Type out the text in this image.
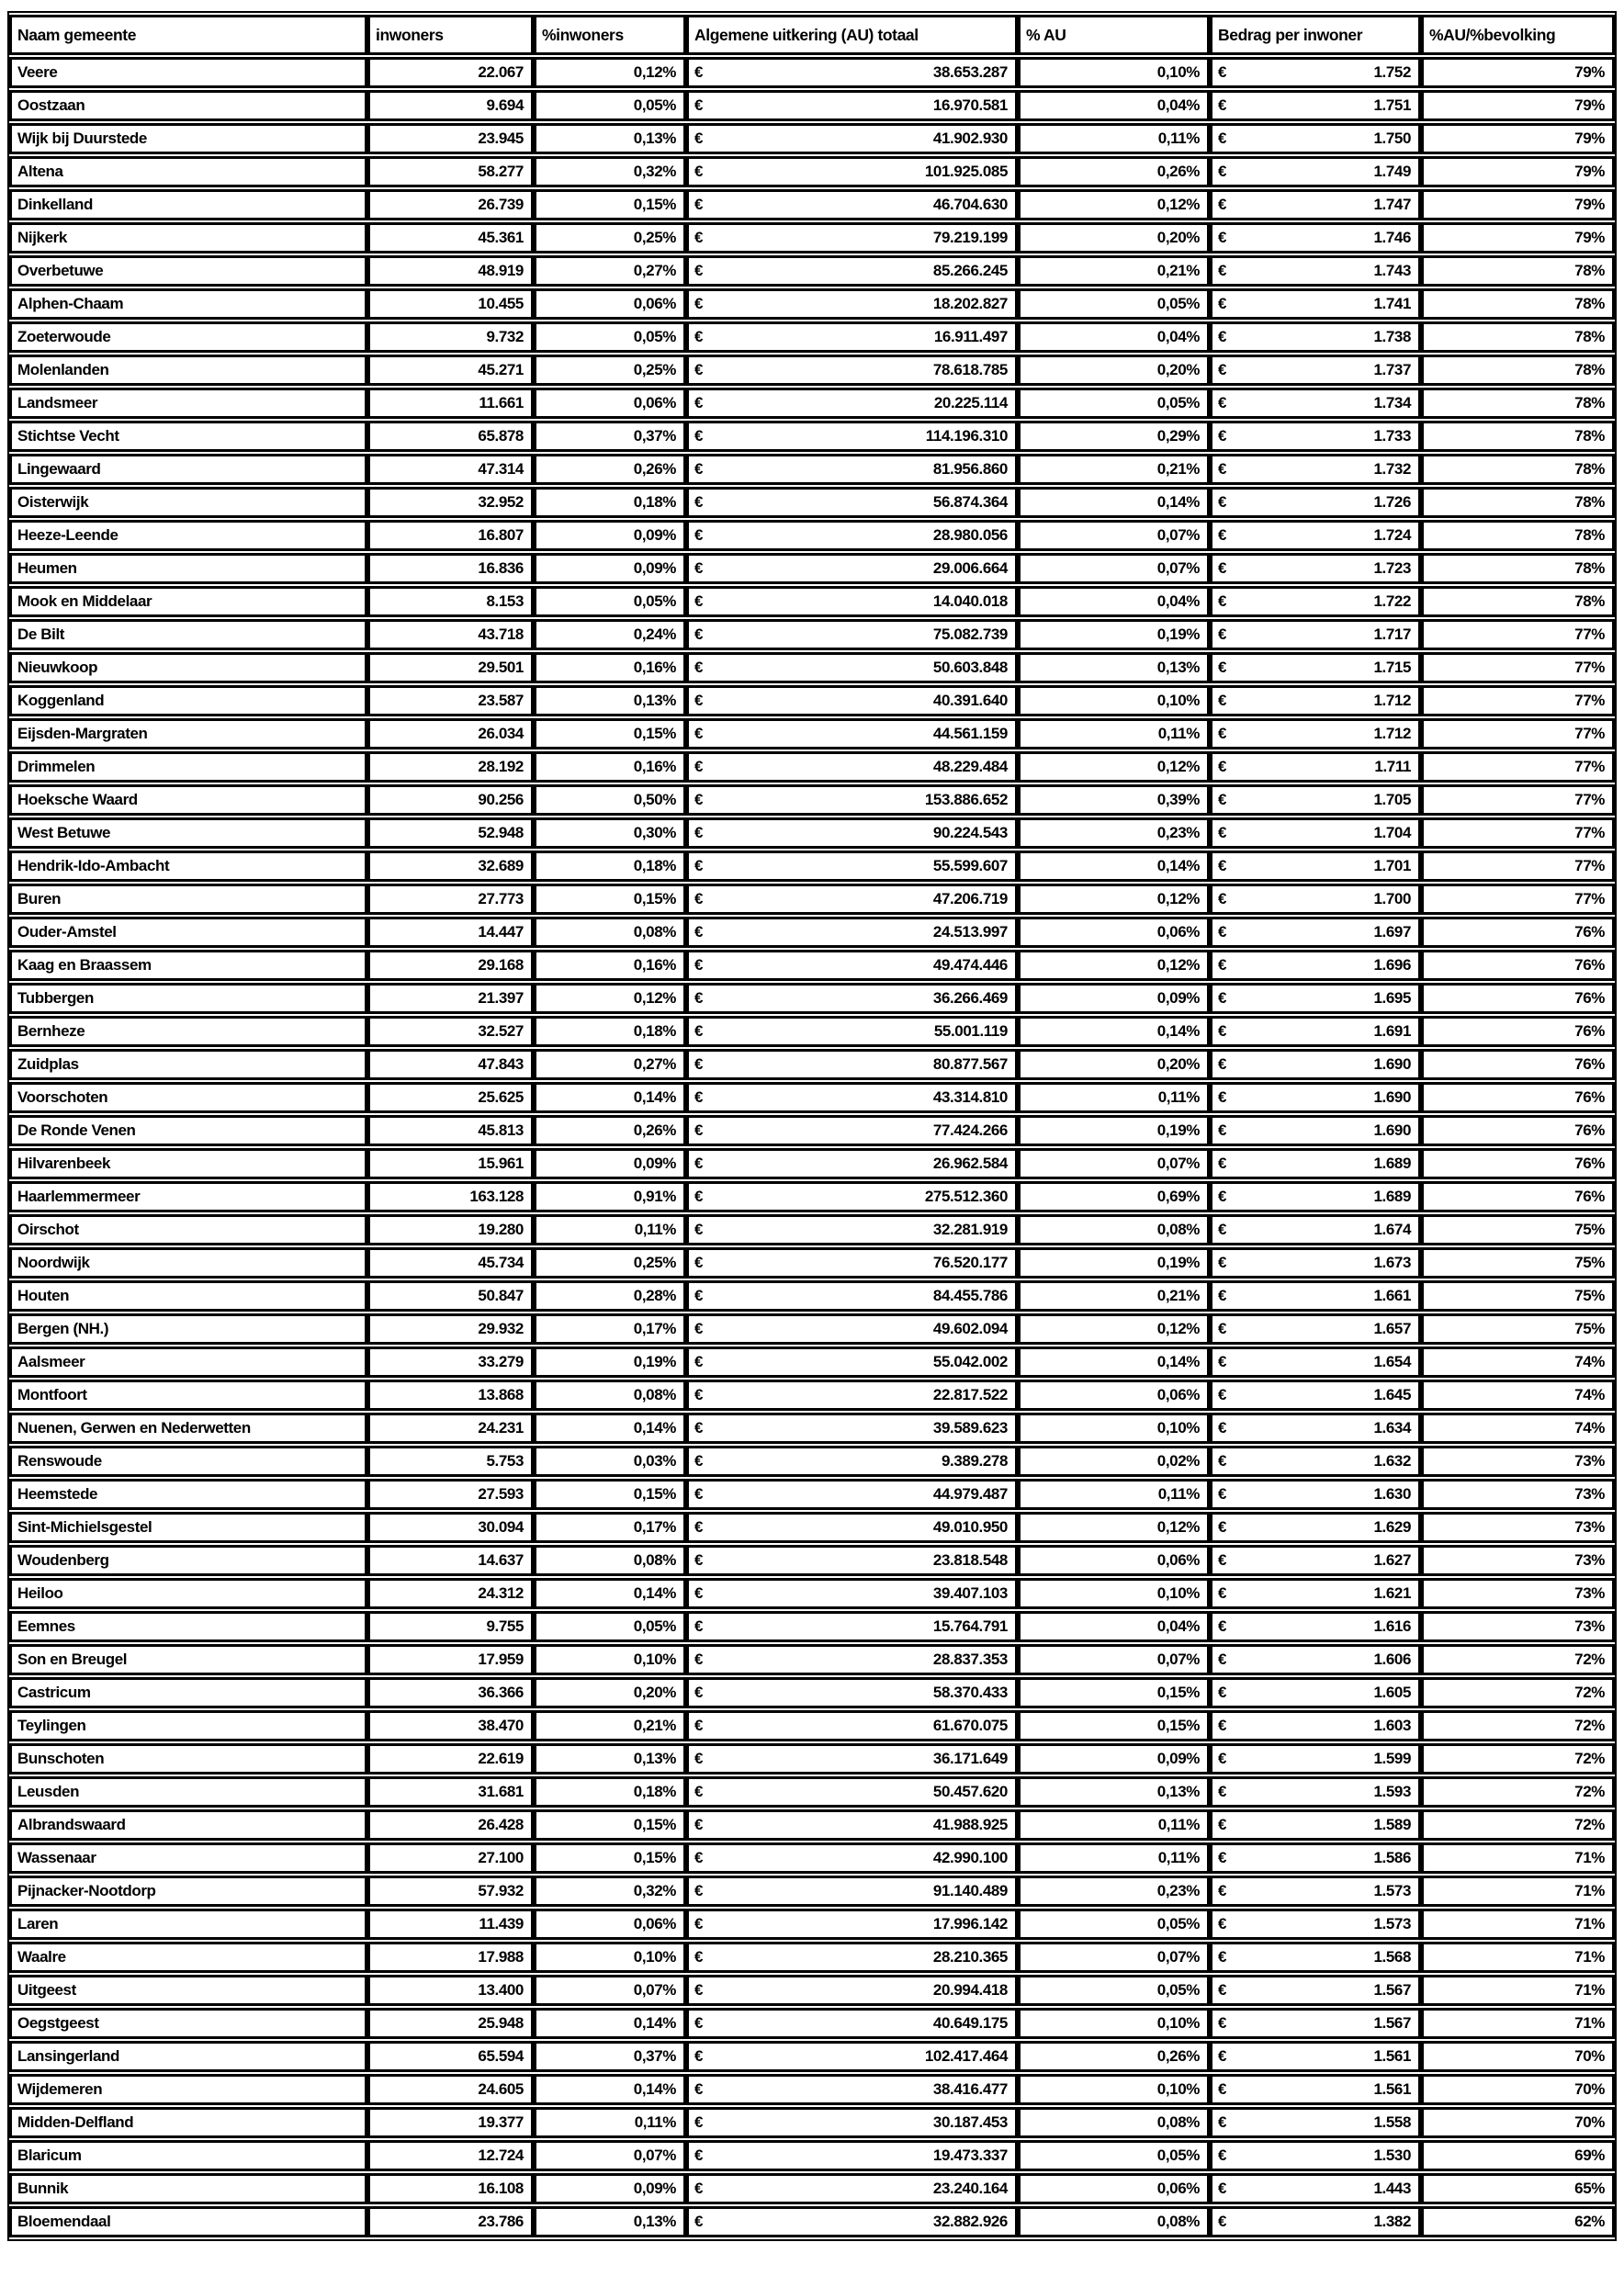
Naam gemeente	inwoners	%inwoners	Algemene uitkering (AU) totaal	% AU	Bedrag per inwoner	%AU/%bevolking
Veere	22.067	0,12%	€ 38.653.287	0,10%	€ 1.752	79%
Oostzaan	9.694	0,05%	€ 16.970.581	0,04%	€ 1.751	79%
Wijk bij Duurstede	23.945	0,13%	€ 41.902.930	0,11%	€ 1.750	79%
Altena	58.277	0,32%	€ 101.925.085	0,26%	€ 1.749	79%
Dinkelland	26.739	0,15%	€ 46.704.630	0,12%	€ 1.747	79%
Nijkerk	45.361	0,25%	€ 79.219.199	0,20%	€ 1.746	79%
Overbetuwe	48.919	0,27%	€ 85.266.245	0,21%	€ 1.743	78%
Alphen-Chaam	10.455	0,06%	€ 18.202.827	0,05%	€ 1.741	78%
Zoeterwoude	9.732	0,05%	€ 16.911.497	0,04%	€ 1.738	78%
Molenlanden	45.271	0,25%	€ 78.618.785	0,20%	€ 1.737	78%
Landsmeer	11.661	0,06%	€ 20.225.114	0,05%	€ 1.734	78%
Stichtse Vecht	65.878	0,37%	€ 114.196.310	0,29%	€ 1.733	78%
Lingewaard	47.314	0,26%	€ 81.956.860	0,21%	€ 1.732	78%
Oisterwijk	32.952	0,18%	€ 56.874.364	0,14%	€ 1.726	78%
Heeze-Leende	16.807	0,09%	€ 28.980.056	0,07%	€ 1.724	78%
Heumen	16.836	0,09%	€ 29.006.664	0,07%	€ 1.723	78%
Mook en Middelaar	8.153	0,05%	€ 14.040.018	0,04%	€ 1.722	78%
De Bilt	43.718	0,24%	€ 75.082.739	0,19%	€ 1.717	77%
Nieuwkoop	29.501	0,16%	€ 50.603.848	0,13%	€ 1.715	77%
Koggenland	23.587	0,13%	€ 40.391.640	0,10%	€ 1.712	77%
Eijsden-Margraten	26.034	0,15%	€ 44.561.159	0,11%	€ 1.712	77%
Drimmelen	28.192	0,16%	€ 48.229.484	0,12%	€ 1.711	77%
Hoeksche Waard	90.256	0,50%	€ 153.886.652	0,39%	€ 1.705	77%
West Betuwe	52.948	0,30%	€ 90.224.543	0,23%	€ 1.704	77%
Hendrik-Ido-Ambacht	32.689	0,18%	€ 55.599.607	0,14%	€ 1.701	77%
Buren	27.773	0,15%	€ 47.206.719	0,12%	€ 1.700	77%
Ouder-Amstel	14.447	0,08%	€ 24.513.997	0,06%	€ 1.697	76%
Kaag en Braassem	29.168	0,16%	€ 49.474.446	0,12%	€ 1.696	76%
Tubbergen	21.397	0,12%	€ 36.266.469	0,09%	€ 1.695	76%
Bernheze	32.527	0,18%	€ 55.001.119	0,14%	€ 1.691	76%
Zuidplas	47.843	0,27%	€ 80.877.567	0,20%	€ 1.690	76%
Voorschoten	25.625	0,14%	€ 43.314.810	0,11%	€ 1.690	76%
De Ronde Venen	45.813	0,26%	€ 77.424.266	0,19%	€ 1.690	76%
Hilvarenbeek	15.961	0,09%	€ 26.962.584	0,07%	€ 1.689	76%
Haarlemmermeer	163.128	0,91%	€ 275.512.360	0,69%	€ 1.689	76%
Oirschot	19.280	0,11%	€ 32.281.919	0,08%	€ 1.674	75%
Noordwijk	45.734	0,25%	€ 76.520.177	0,19%	€ 1.673	75%
Houten	50.847	0,28%	€ 84.455.786	0,21%	€ 1.661	75%
Bergen (NH.)	29.932	0,17%	€ 49.602.094	0,12%	€ 1.657	75%
Aalsmeer	33.279	0,19%	€ 55.042.002	0,14%	€ 1.654	74%
Montfoort	13.868	0,08%	€ 22.817.522	0,06%	€ 1.645	74%
Nuenen, Gerwen en Nederwetten	24.231	0,14%	€ 39.589.623	0,10%	€ 1.634	74%
Renswoude	5.753	0,03%	€ 9.389.278	0,02%	€ 1.632	73%
Heemstede	27.593	0,15%	€ 44.979.487	0,11%	€ 1.630	73%
Sint-Michielsgestel	30.094	0,17%	€ 49.010.950	0,12%	€ 1.629	73%
Woudenberg	14.637	0,08%	€ 23.818.548	0,06%	€ 1.627	73%
Heiloo	24.312	0,14%	€ 39.407.103	0,10%	€ 1.621	73%
Eemnes	9.755	0,05%	€ 15.764.791	0,04%	€ 1.616	73%
Son en Breugel	17.959	0,10%	€ 28.837.353	0,07%	€ 1.606	72%
Castricum	36.366	0,20%	€ 58.370.433	0,15%	€ 1.605	72%
Teylingen	38.470	0,21%	€ 61.670.075	0,15%	€ 1.603	72%
Bunschoten	22.619	0,13%	€ 36.171.649	0,09%	€ 1.599	72%
Leusden	31.681	0,18%	€ 50.457.620	0,13%	€ 1.593	72%
Albrandswaard	26.428	0,15%	€ 41.988.925	0,11%	€ 1.589	72%
Wassenaar	27.100	0,15%	€ 42.990.100	0,11%	€ 1.586	71%
Pijnacker-Nootdorp	57.932	0,32%	€ 91.140.489	0,23%	€ 1.573	71%
Laren	11.439	0,06%	€ 17.996.142	0,05%	€ 1.573	71%
Waalre	17.988	0,10%	€ 28.210.365	0,07%	€ 1.568	71%
Uitgeest	13.400	0,07%	€ 20.994.418	0,05%	€ 1.567	71%
Oegstgeest	25.948	0,14%	€ 40.649.175	0,10%	€ 1.567	71%
Lansingerland	65.594	0,37%	€ 102.417.464	0,26%	€ 1.561	70%
Wijdemeren	24.605	0,14%	€ 38.416.477	0,10%	€ 1.561	70%
Midden-Delfland	19.377	0,11%	€ 30.187.453	0,08%	€ 1.558	70%
Blaricum	12.724	0,07%	€ 19.473.337	0,05%	€ 1.530	69%
Bunnik	16.108	0,09%	€ 23.240.164	0,06%	€ 1.443	65%
Bloemendaal	23.786	0,13%	€ 32.882.926	0,08%	€ 1.382	62%
